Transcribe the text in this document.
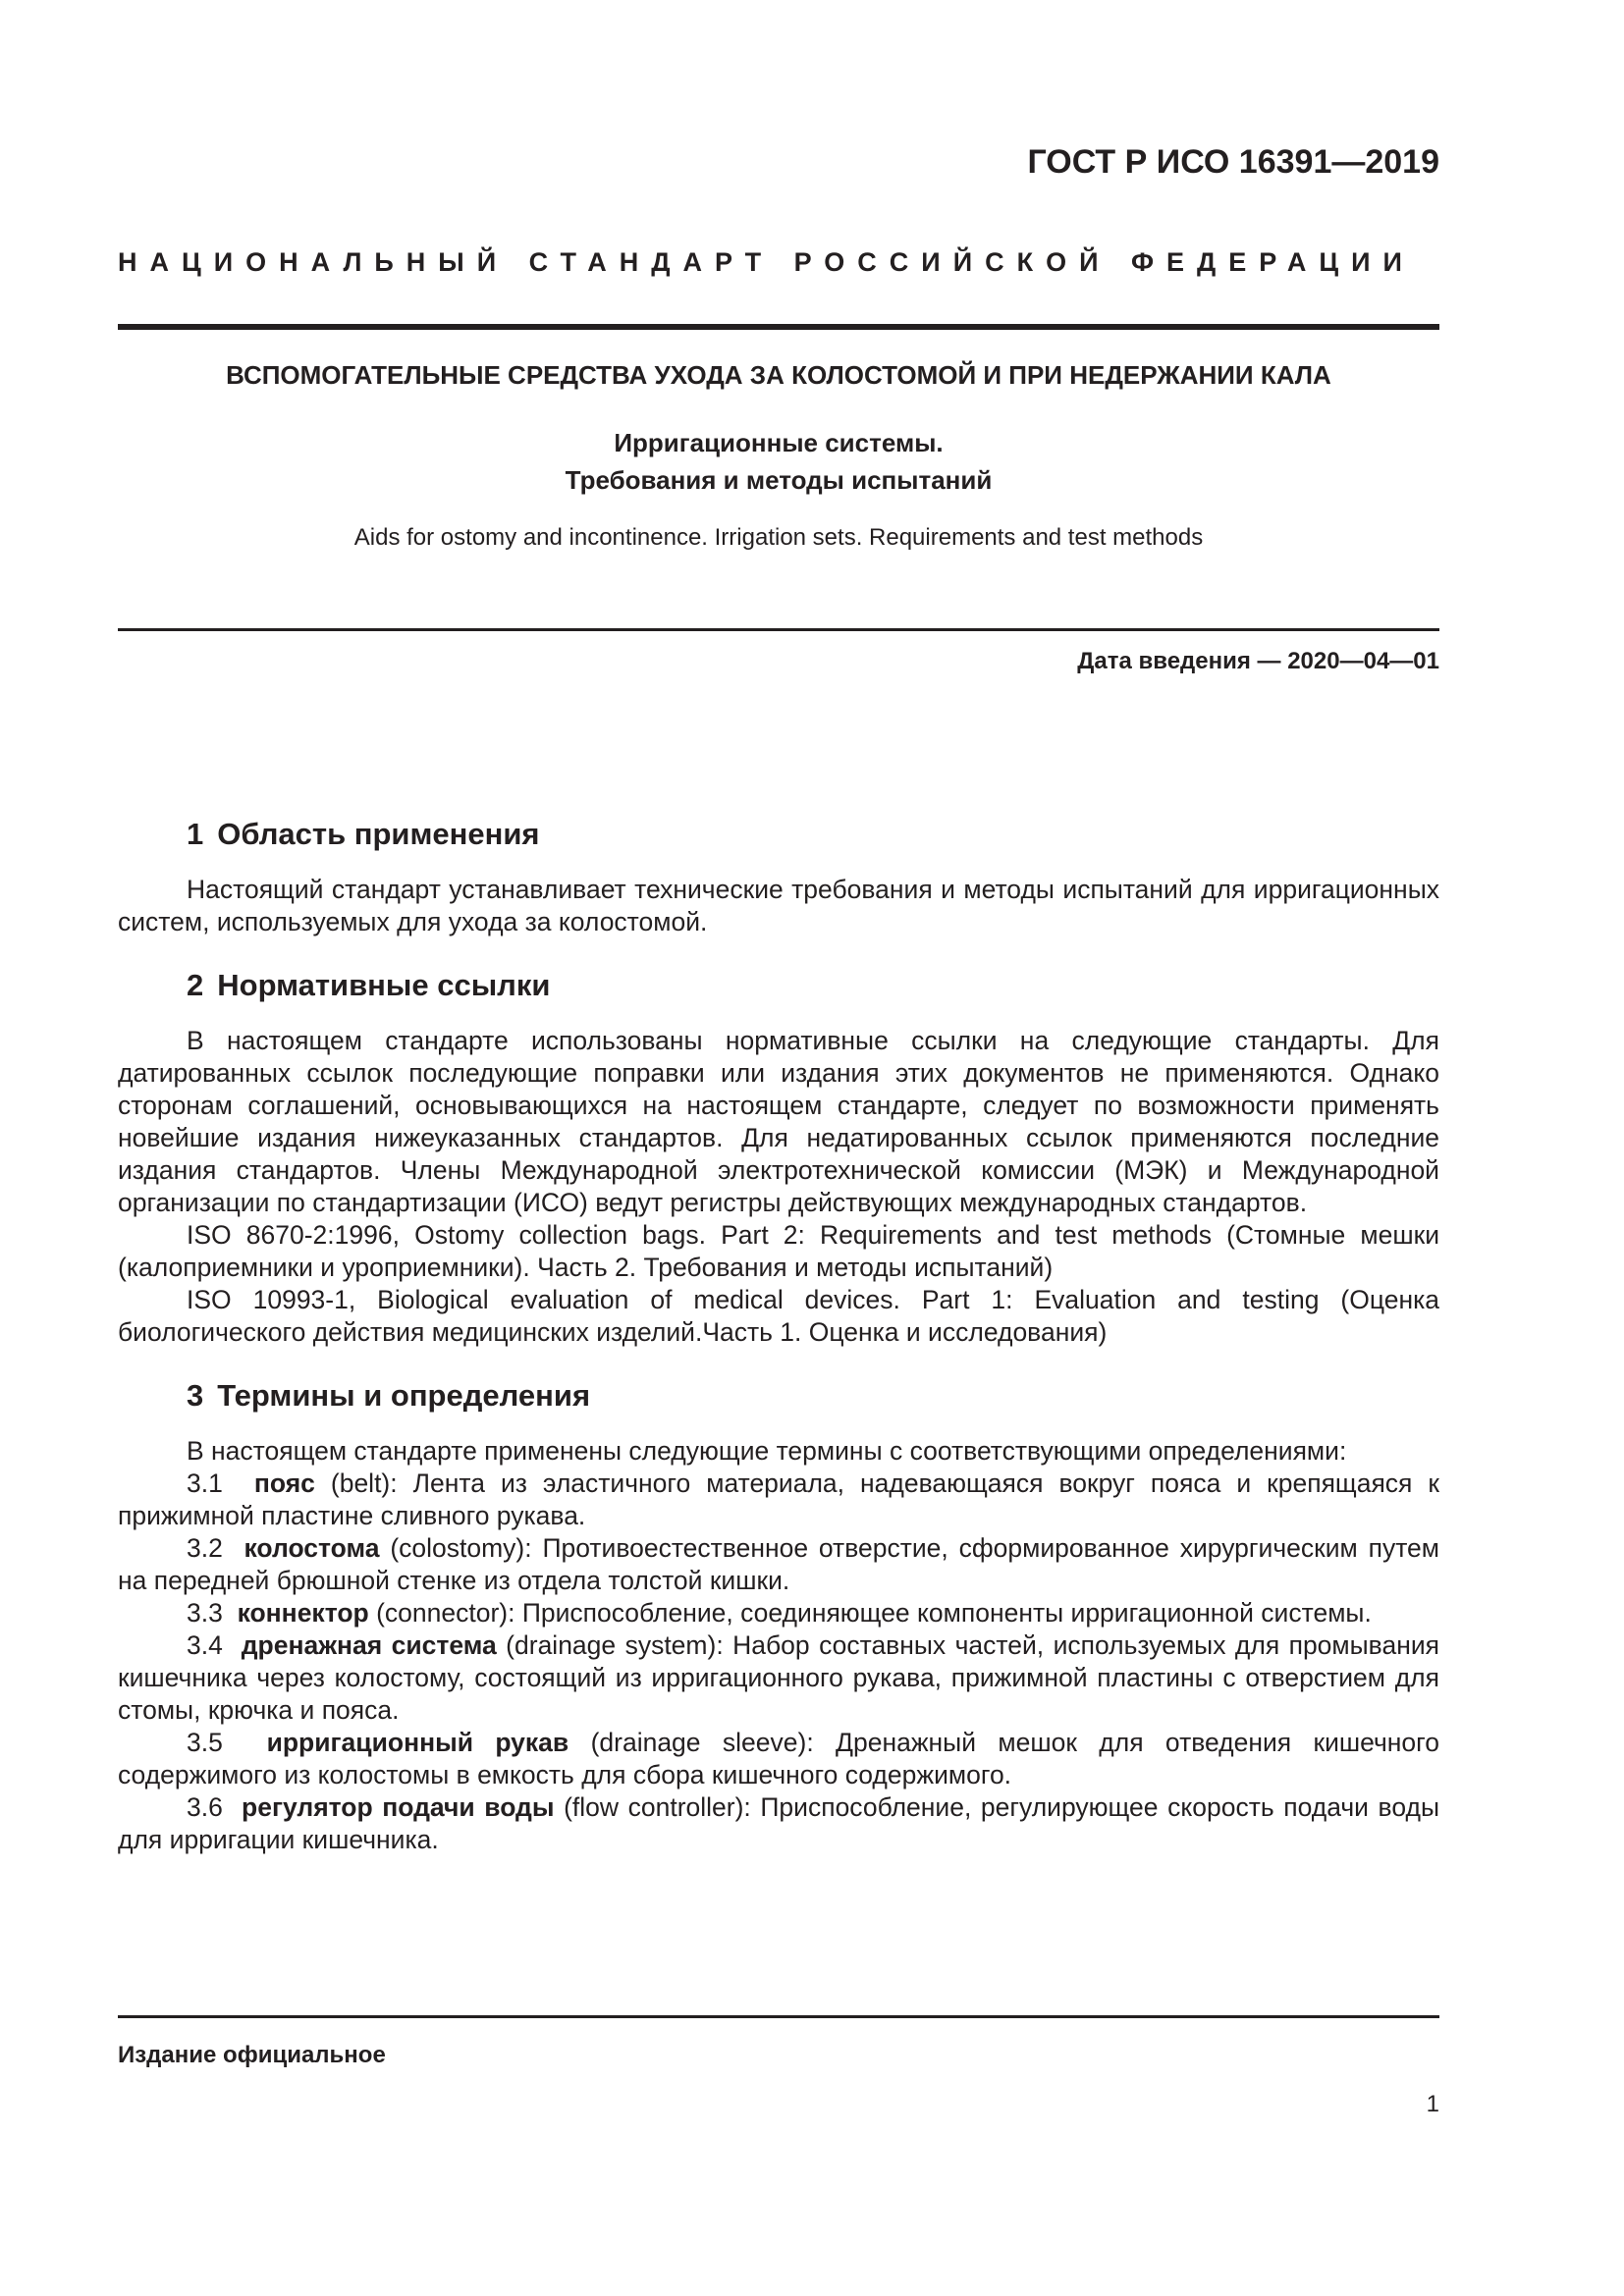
ГОСТ Р ИСО 16391—2019

НАЦИОНАЛЬНЫЙ СТАНДАРТ РОССИЙСКОЙ ФЕДЕРАЦИИ

ВСПОМОГАТЕЛЬНЫЕ СРЕДСТВА УХОДА ЗА КОЛОСТОМОЙ И ПРИ НЕДЕРЖАНИИ КАЛА

Ирригационные системы.
Требования и методы испытаний

Aids for ostomy and incontinence. Irrigation sets. Requirements and test methods

Дата введения — 2020—04—01

1 Область применения

Настоящий стандарт устанавливает технические требования и методы испытаний для ирригационных систем, используемых для ухода за колостомой.

2 Нормативные ссылки

В настоящем стандарте использованы нормативные ссылки на следующие стандарты. Для датированных ссылок последующие поправки или издания этих документов не применяются. Однако сторонам соглашений, основывающихся на настоящем стандарте, следует по возможности применять новейшие издания нижеуказанных стандартов. Для недатированных ссылок применяются последние издания стандартов. Члены Международной электротехнической комиссии (МЭК) и Международной организации по стандартизации (ИСО) ведут регистры действующих международных стандартов.

ISO 8670-2:1996, Ostomy collection bags. Part 2: Requirements and test methods (Стомные мешки (калоприемники и уроприемники). Часть 2. Требования и методы испытаний)

ISO 10993-1, Biological evaluation of medical devices. Part 1: Evaluation and testing (Оценка биологического действия медицинских изделий.Часть 1. Оценка и исследования)

3 Термины и определения

В настоящем стандарте применены следующие термины с соответствующими определениями:

3.1 пояс (belt): Лента из эластичного материала, надевающаяся вокруг пояса и крепящаяся к прижимной пластине сливного рукава.

3.2 колостома (colostomy): Противоестественное отверстие, сформированное хирургическим путем на передней брюшной стенке из отдела толстой кишки.

3.3 коннектор (connector): Приспособление, соединяющее компоненты ирригационной системы.

3.4 дренажная система (drainage system): Набор составных частей, используемых для промывания кишечника через колостому, состоящий из ирригационного рукава, прижимной пластины с отверстием для стомы, крючка и пояса.

3.5 ирригационный рукав (drainage sleeve): Дренажный мешок для отведения кишечного содержимого из колостомы в емкость для сбора кишечного содержимого.

3.6 регулятор подачи воды (flow controller): Приспособление, регулирующее скорость подачи воды для ирригации кишечника.

Издание официальное

1
